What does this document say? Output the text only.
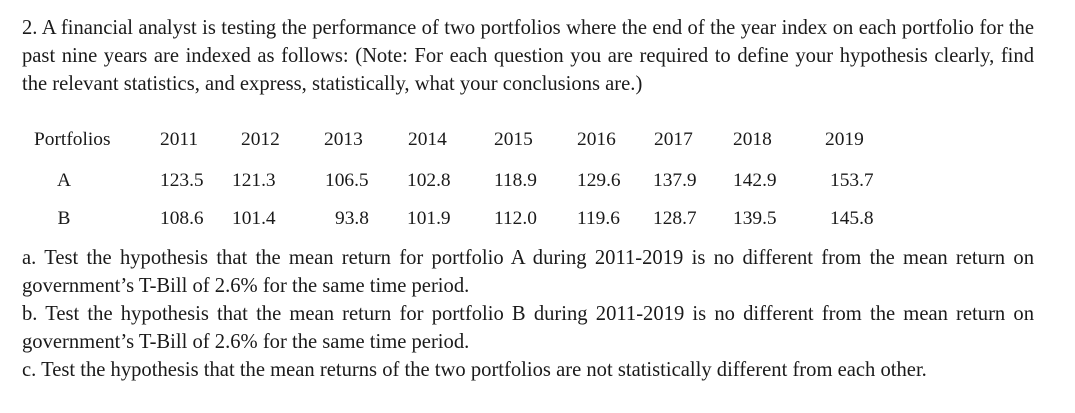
2. A financial analyst is testing the performance of two portfolios where the end of the year index on each portfolio for the past nine years are indexed as follows: (Note: For each question you are required to define your hypothesis clearly, find the relevant statistics, and express, statistically, what your conclusions are.)

Portfolios	2011 2012 2013 2014 2015 2016 2017 2018	2019
A	123.5 121.3	106.5 102.8 118.9 129.6 137.9 142.9	153.7
B	108.6 101.4	93.8 101.9 112.0 119.6 128.7 139.5	145.8

a. Test the hypothesis that the mean return for portfolio A during 2011-2019 is no different from the mean return on government’s T-Bill of 2.6% for the same time period.

b. Test the hypothesis that the mean return for portfolio B during 2011-2019 is no different from the mean return on government’s T-Bill of 2.6% for the same time period.

c. Test the hypothesis that the mean returns of the two portfolios are not statistically different from each other.
